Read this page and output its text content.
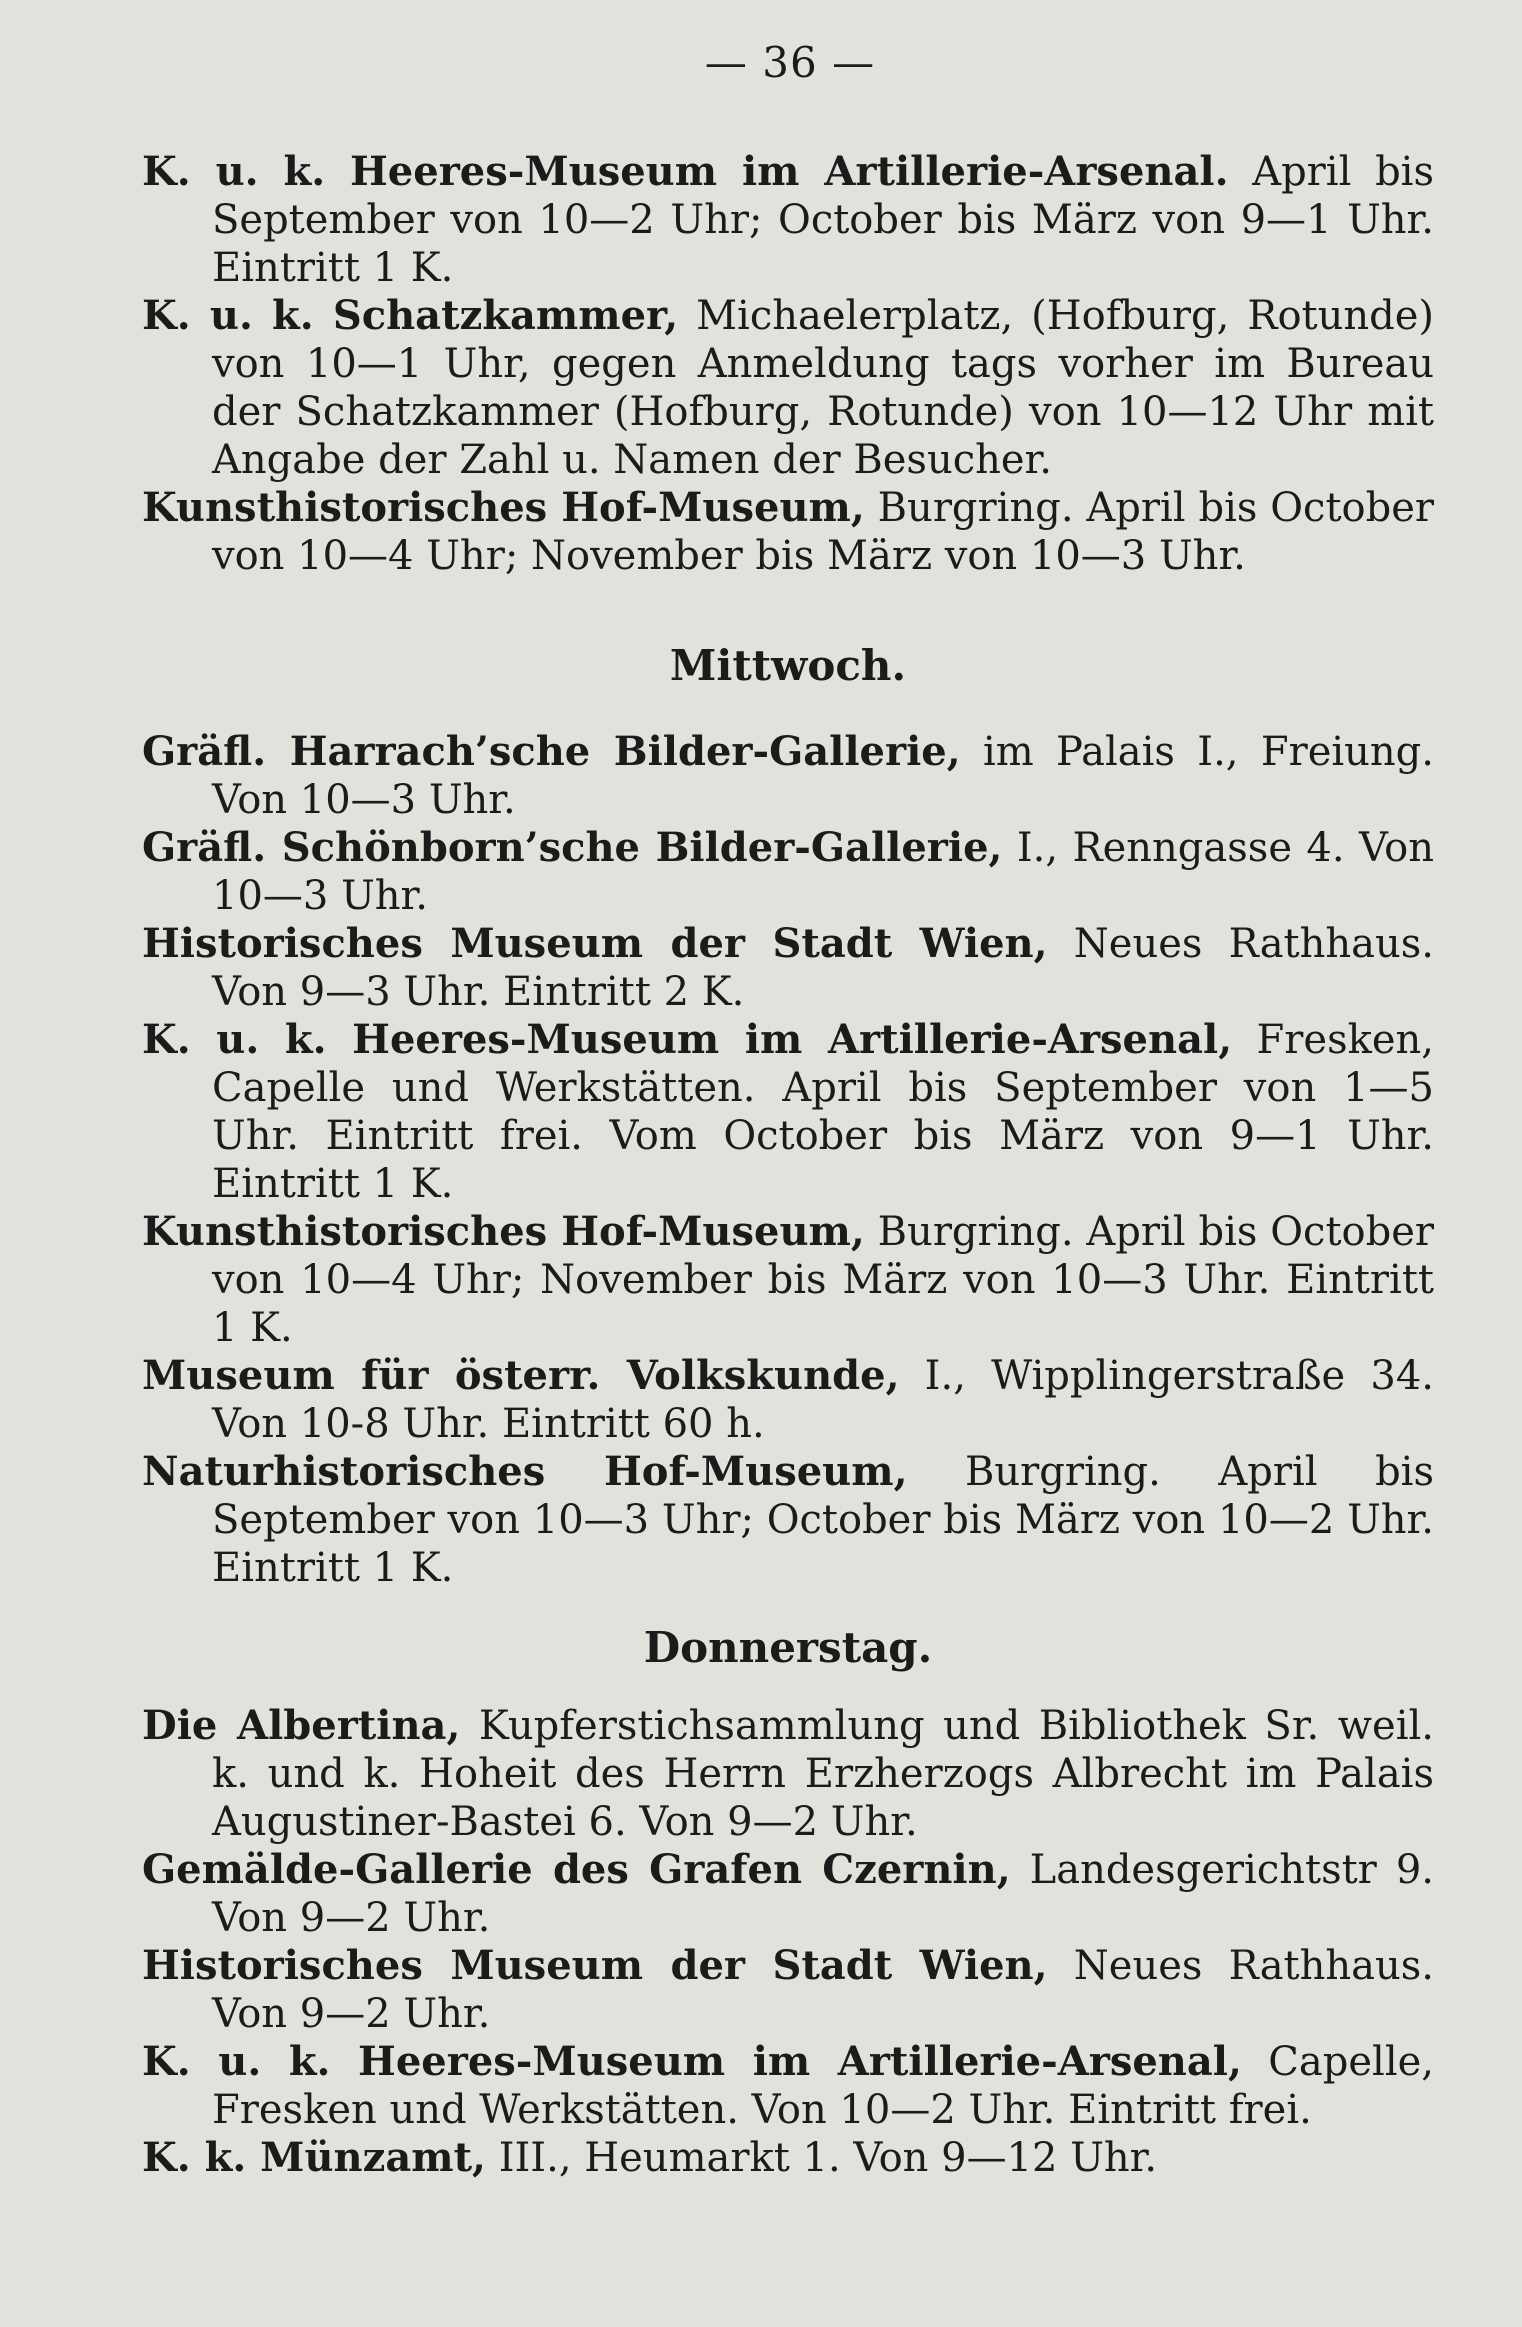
— 36 —

K. u. k. Heeres-Museum im Artillerie-Arsenal. April bis September von 10—2 Uhr; October bis März von 9—1 Uhr. Eintritt 1 K.

K. u. k. Schatzkammer, Michaelerplatz, (Hofburg, Rotunde) von 10—1 Uhr, gegen Anmeldung tags vorher im Bureau der Schatzkammer (Hofburg, Rotunde) von 10—12 Uhr mit Angabe der Zahl u. Namen der Besucher.

Kunsthistorisches Hof-Museum, Burgring. April bis October von 10—4 Uhr; November bis März von 10—3 Uhr.

Mittwoch.

Gräfl. Harrach’sche Bilder-Gallerie, im Palais I., Freiung. Von 10—3 Uhr.

Gräfl. Schönborn’sche Bilder-Gallerie, I., Renngasse 4. Von 10—3 Uhr.

Historisches Museum der Stadt Wien, Neues Rathhaus. Von 9—3 Uhr. Eintritt 2 K.

K. u. k. Heeres-Museum im Artillerie-Arsenal, Fresken, Capelle und Werkstätten. April bis September von 1—5 Uhr. Eintritt frei. Vom October bis März von 9—1 Uhr. Eintritt 1 K.

Kunsthistorisches Hof-Museum, Burgring. April bis October von 10—4 Uhr; November bis März von 10—3 Uhr. Eintritt 1 K.

Museum für österr. Volkskunde, I., Wipplingerstraße 34. Von 10-8 Uhr. Eintritt 60 h.

Naturhistorisches Hof-Museum, Burgring. April bis September von 10—3 Uhr; October bis März von 10—2 Uhr. Eintritt 1 K.

Donnerstag.

Die Albertina, Kupferstichsammlung und Bibliothek Sr. weil. k. und k. Hoheit des Herrn Erzherzogs Albrecht im Palais Augustiner-Bastei 6. Von 9—2 Uhr.

Gemälde-Gallerie des Grafen Czernin, Landesgerichtstr 9. Von 9—2 Uhr.

Historisches Museum der Stadt Wien, Neues Rathhaus. Von 9—2 Uhr.

K. u. k. Heeres-Museum im Artillerie-Arsenal, Capelle, Fresken und Werkstätten. Von 10—2 Uhr. Eintritt frei.

K. k. Münzamt, III., Heumarkt 1. Von 9—12 Uhr.
